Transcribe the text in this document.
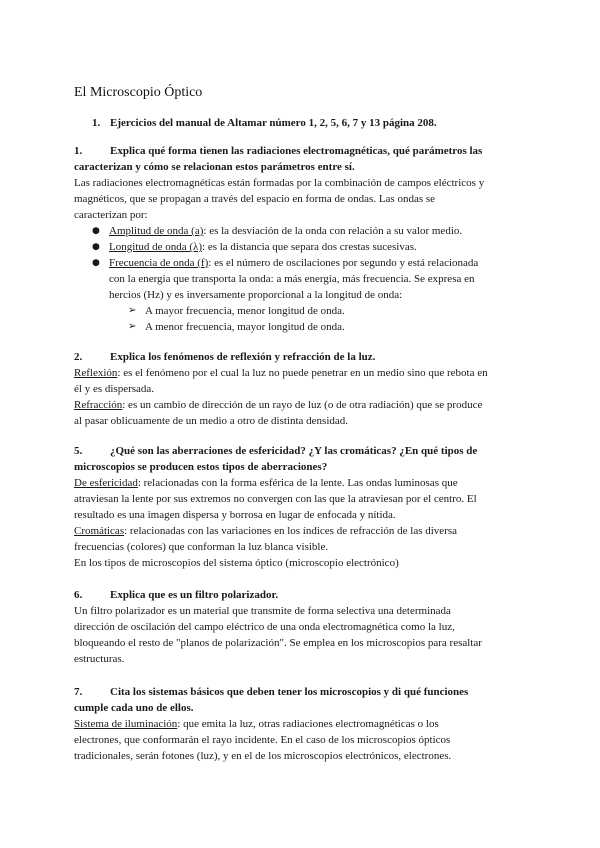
El Microscopio Óptico
1. Ejercicios del manual de Altamar número 1, 2, 5, 6, 7 y 13 página 208.
1.	Explica qué forma tienen las radiaciones electromagnéticas, qué parámetros las
caracterizan y cómo se relacionan estos parámetros entre sí.
Las radiaciones electromagnéticas están formadas por la combinación de campos eléctricos y
magnéticos, que se propagan a través del espacio en forma de ondas. Las ondas se
caracterizan por:
● Amplitud de onda (a): es la desviación de la onda con relación a su valor medio.
● Longitud de onda (λ): es la distancia que separa dos crestas sucesivas.
● Frecuencia de onda (f): es el número de oscilaciones por segundo y está relacionada
con la energía que transporta la onda: a más energía, más frecuencia. Se expresa en
hercios (Hz) y es inversamente proporcional a la longitud de onda:
➢ A mayor frecuencia, menor longitud de onda.
➢ A menor frecuencia, mayor longitud de onda.
2.	Explica los fenómenos de reflexión y refracción de la luz.
Reflexión: es el fenómeno por el cual la luz no puede penetrar en un medio sino que rebota en
él y es dispersada.
Refracción: es un cambio de dirección de un rayo de luz (o de otra radiación) que se produce
al pasar oblicuamente de un medio a otro de distinta densidad.
5.	¿Qué son las aberraciones de esfericidad? ¿Y las cromáticas? ¿En qué tipos de
microscopios se producen estos tipos de aberraciones?
De esfericidad: relacionadas con la forma esférica de la lente. Las ondas luminosas que
atraviesan la lente por sus extremos no convergen con las que la atraviesan por el centro. El
resultado es una imagen dispersa y borrosa en lugar de enfocada y nítida.
Cromáticas: relacionadas con las variaciones en los índices de refracción de las diversa
frecuencias (colores) que conforman la luz blanca visible.
En los tipos de microscopios del sistema óptico (microscopio electrónico)
6.	Explica que es un filtro polarizador.
Un filtro polarizador es un material que transmite de forma selectiva una determinada
dirección de oscilación del campo eléctrico de una onda electromagnética como la luz,
bloqueando el resto de "planos de polarización". Se emplea en los microscopios para resaltar
estructuras.
7.	Cita los sistemas básicos que deben tener los microscopios y di qué funciones
cumple cada uno de ellos.
Sistema de iluminación: que emita la luz, otras radiaciones electromagnéticas o los
electrones, que conformarán el rayo incidente. En el caso de los microscopios ópticos
tradicionales, serán fotones (luz), y en el de los microscopios electrónicos, electrones.
